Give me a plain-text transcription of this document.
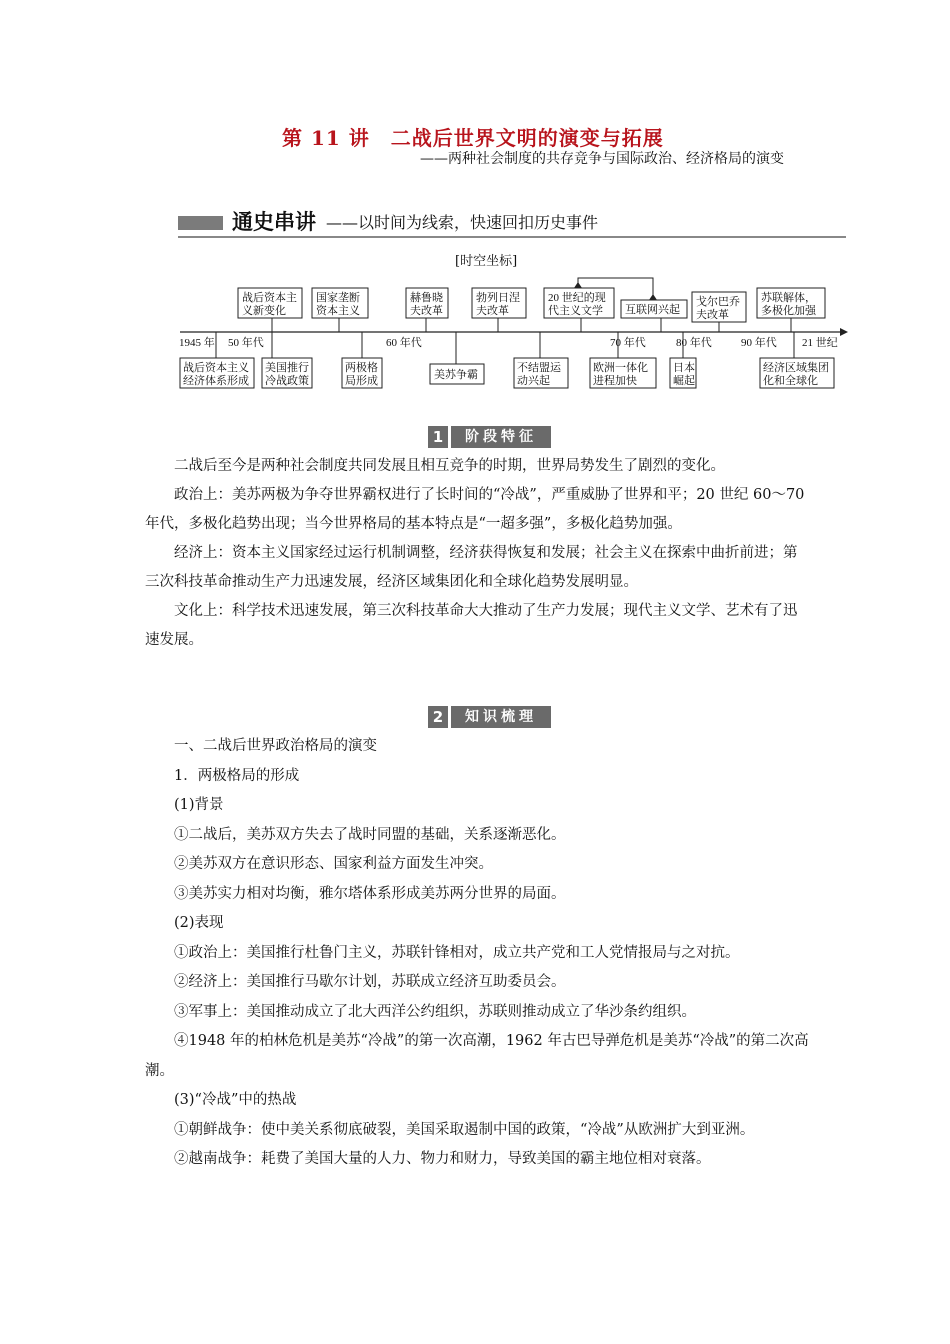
第 11 讲　二战后世界文明的演变与拓展
——两种社会制度的共存竞争与国际政治、经济格局的演变
通史串讲 ——以时间为线索，快速回扣历史事件
[时空坐标]
1945 年 50 年代	60 年代	70 年代	80 年代	90 年代 21 世纪
战后资本主
义新变化
国家垄断
资本主义
赫鲁晓
夫改革
勃列日涅
夫改革
20 世纪的现
代主义文学 互联网兴起
戈尔巴乔
夫改革
苏联解体，
多极化加强
战后资本主义
经济体系形成
美国推行
冷战政策
两极格
局形成	美苏争霸
不结盟运
动兴起
欧洲一体化
进程加快
日本
崛起
经济区域集团
化和全球化
1	阶段特征

二战后至今是两种社会制度共同发展且相互竞争的时期，世界局势发生了剧烈的变化。

政治上：美苏两极为争夺世界霸权进行了长时间的“冷战”，严重威胁了世界和平；20 世纪 60～70 年代，多极化趋势出现；当今世界格局的基本特点是“一超多强”，多极化趋势加强。

经济上：资本主义国家经过运行机制调整，经济获得恢复和发展；社会主义在探索中曲折前进；第三次科技革命推动生产力迅速发展，经济区域集团化和全球化趋势发展明显。

文化上：科学技术迅速发展，第三次科技革命大大推动了生产力发展；现代主义文学、艺术有了迅速发展。

2	知识梳理
一、二战后世界政治格局的演变
1．两极格局的形成
(1)背景
①二战后，美苏双方失去了战时同盟的基础，关系逐渐恶化。
②美苏双方在意识形态、国家利益方面发生冲突。
③美苏实力相对均衡，雅尔塔体系形成美苏两分世界的局面。
(2)表现
①政治上：美国推行杜鲁门主义，苏联针锋相对，成立共产党和工人党情报局与之对抗。
②经济上：美国推行马歇尔计划，苏联成立经济互助委员会。
③军事上：美国推动成立了北大西洋公约组织，苏联则推动成立了华沙条约组织。
④1948 年的柏林危机是美苏“冷战”的第一次高潮，1962 年古巴导弹危机是美苏“冷战”的第二次高潮。
(3)“冷战”中的热战
①朝鲜战争：使中美关系彻底破裂，美国采取遏制中国的政策，“冷战”从欧洲扩大到亚洲。
②越南战争：耗费了美国大量的人力、物力和财力，导致美国的霸主地位相对衰落。
